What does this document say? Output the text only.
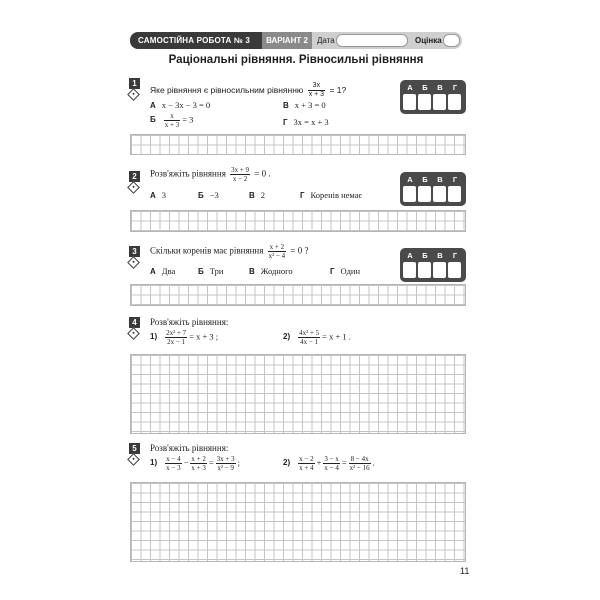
САМОСТІЙНА РОБОТА № 3	ВАРІАНТ 2	Дата	Оцінка
Раціональні рівняння. Рівносильні рівняння
1
Яке рівняння є рівносильним рівнянню $\frac{3x}{x + 3} = 1$?
А x − 3x − 3 = 0	В x + 3 = 0
Б $\frac{x}{x + 3} = 3$	Г 3x = x + 3
А	Б	В	Г
2	Розв'яжіть рівняння $\frac{3x + 9}{x - 2} = 0$ .
А 3	Б −3	В 2	Г Коренів немає
А	Б	В	Г
3	Скільки коренів має рівняння $\frac{x + 2}{\text{x² − 4}} = 0$ ?
А Два	Б Три	В Жодного	Г Один
А	Б	В	Г
4	Розв'яжіть рівняння:
$1) \frac{\text{2x² + 7}}{2x - 1} = x + 3$ ;	$2) \frac{\text{4x² + 5}}{4x - 1} = x + 1$ .
5	Розв'яжіть рівняння:
$1) \frac{x - 4}{x - 3} - \frac{x + 2}{x + 3} = \frac{3x + 3}{\text{x² − 9}}$ ;	$2) \frac{x - 2}{x + 4} + \frac{3 - x}{x - 4} = \frac{8 - 4x}{\text{x² − 16}}$ .
11
